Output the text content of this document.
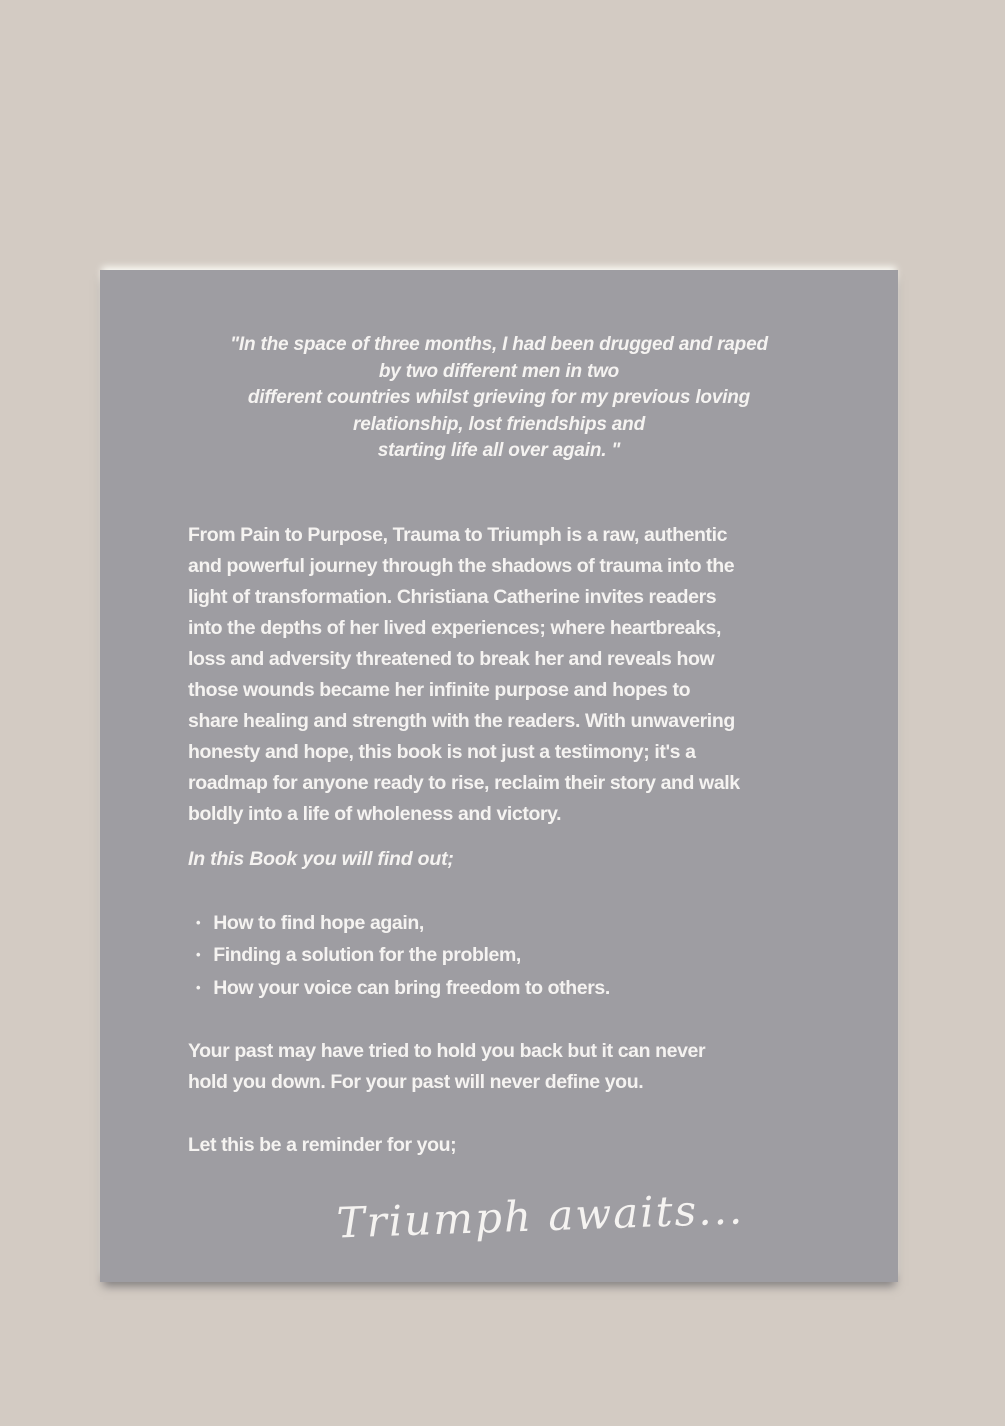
"In the space of three months, I had been drugged and raped
by two different men in two
different countries whilst grieving for my previous loving
relationship, lost friendships and
starting life all over again. "
From Pain to Purpose, Trauma to Triumph is a raw, authentic
and powerful journey through the shadows of trauma into the
light of transformation. Christiana Catherine invites readers
into the depths of her lived experiences; where heartbreaks,
loss and adversity threatened to break her and reveals how
those wounds became her infinite purpose and hopes to
share healing and strength with the readers. With unwavering
honesty and hope, this book is not just a testimony; it's a
roadmap for anyone ready to rise, reclaim their story and walk
boldly into a life of wholeness and victory.
In this Book you will find out;
• How to find hope again,
• Finding a solution for the problem,
• How your voice can bring freedom to others.
Your past may have tried to hold you back but it can never
hold you down. For your past will never define you.
Let this be a reminder for you;
Triumph awaits...
